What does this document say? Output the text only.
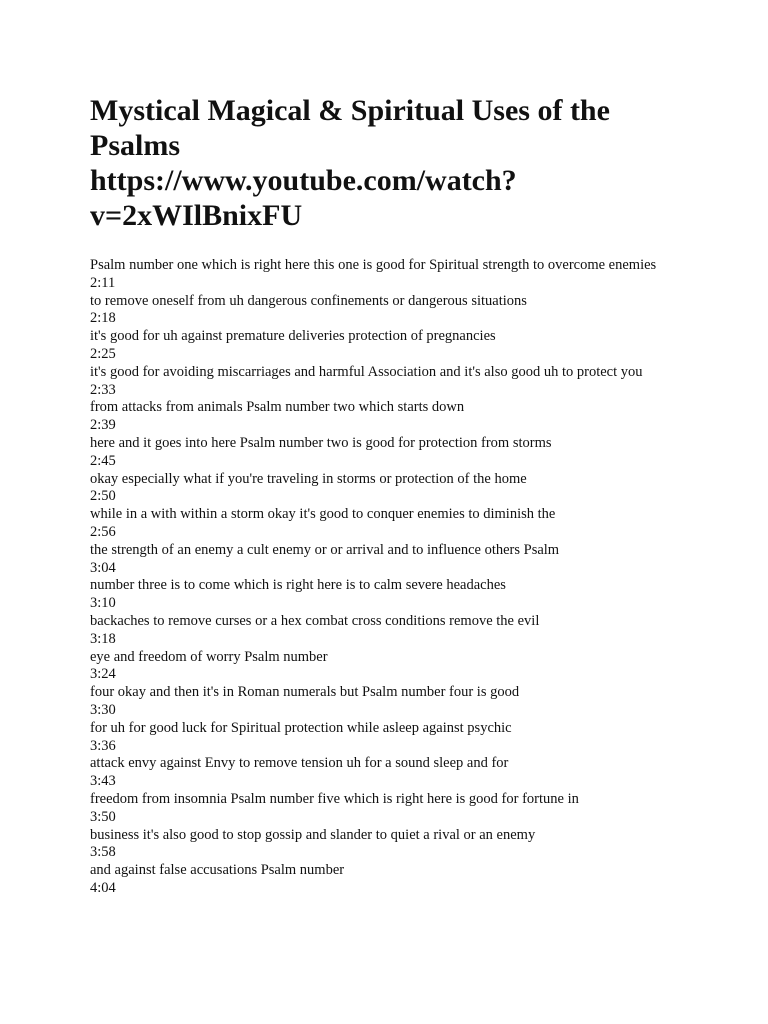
Mystical Magical & Spiritual Uses of the
Psalms
https://www.youtube.com/watch?
v=2xWIlBnixFU
Psalm number one which is right here this one is good for Spiritual strength to overcome enemies
2:11
to remove oneself from uh dangerous confinements or dangerous situations
2:18
it's good for uh against premature deliveries protection of pregnancies
2:25
it's good for avoiding miscarriages and harmful Association and it's also good uh to protect you
2:33
from attacks from animals Psalm number two which starts down
2:39
here and it goes into here Psalm number two is good for protection from storms
2:45
okay especially what if you're traveling in storms or protection of the home
2:50
while in a with within a storm okay it's good to conquer enemies to diminish the
2:56
the strength of an enemy a cult enemy or or arrival and to influence others Psalm
3:04
number three is to come which is right here is to calm severe headaches
3:10
backaches to remove curses or a hex combat cross conditions remove the evil
3:18
eye and freedom of worry Psalm number
3:24
four okay and then it's in Roman numerals but Psalm number four is good
3:30
for uh for good luck for Spiritual protection while asleep against psychic
3:36
attack envy against Envy to remove tension uh for a sound sleep and for
3:43
freedom from insomnia Psalm number five which is right here is good for fortune in
3:50
business it's also good to stop gossip and slander to quiet a rival or an enemy
3:58
and against false accusations Psalm number
4:04
